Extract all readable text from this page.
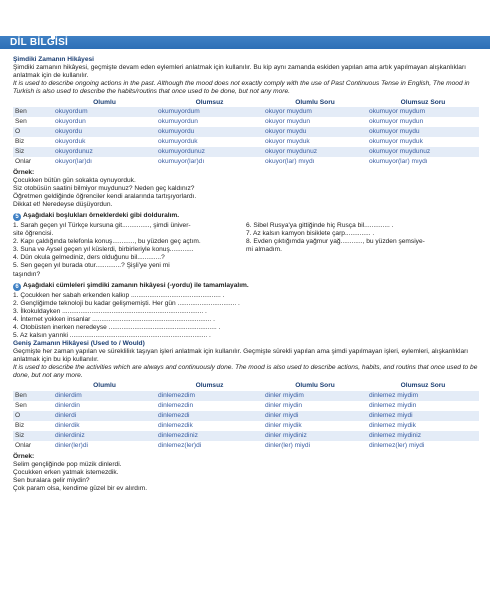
DİL BİLGİSİ

Şimdiki Zamanın Hikâyesi

Şimdiki zamanın hikâyesi, geçmişte devam eden eylemleri anlatmak için kullanılır. Bu kip aynı zamanda eskiden yapılan ama artık yapılmayan alışkanlıkları anlatmak için de kullanılır.

It is used to describe ongoing actions in the past. Although the mood does not exactly comply with the use of Past Continuous Tense in English, The mood in Turkish is also used to describe the habits/routins that once used to be done, but not any more.

	Olumlu	Olumsuz	Olumlu Soru	Olumsuz Soru
Ben	okuyordum	okumuyordum	okuyor muydum	okumuyor muydum
Sen	okuyordun	okumuyordun	okuyor muydun	okumuyor muydun
O	okuyordu	okumuyordu	okuyor muydu	okumuyor muydu
Biz	okuyorduk	okumuyorduk	okuyor muyduk	okumuyor muyduk
Siz	okuyordunuz	okumuyordunuz	okuyor muydunuz	okumuyor muydunuz
Onlar	okuyor(lar)dı	okumuyor(lar)dı	okuyor(lar) mıydı	okumuyor(lar) mıydı

Örnek:

Çocukken bütün gün sokakta oynuyorduk.

Siz otobüsün saatini bilmiyor muydunuz? Neden geç kaldınız?

Öğretmen geldiğinde öğrenciler kendi aralarında tartışıyorlardı.

Dikkat et! Neredeyse düşüyordun.

5 Aşağıdaki boşlukları örneklerdeki gibi dolduralım.

1. Sarah geçen yıl Türkçe kursuna git..............., şimdi üniver-

site öğrencisi.

2. Kapı çaldığında telefonla konuş............, bu yüzden geç açtım.

3. Suna ve Aysel geçen yıl küslerdi, birbirleriyle konuş.............

4. Dün okula gelmediniz, ders olduğunu bil.............?

5. Sen geçen yıl burada otur..............? Şişli'ye yeni mi

taşındın?

6. Sibel Rusya'ya gittiğinde hiç Rusça bil.............. .

7. Az kalsın kamyon bisiklete çarp.............. .

8. Evden çıktığımda yağmur yağ............, bu yüzden şemsiye-

mi almadım.

6 Aşağıdaki cümleleri şimdiki zamanın hikâyesi (-yordu) ile tamamlayalım.

1. Çocukken her sabah erkenden kalkıp ................................................. .

2. Gençliğimde teknoloji bu kadar gelişmemişti. Her gün ................................ .

3. İlkokuldayken ............................................................................. .

4. İnternet yokken insanlar ................................................................. .

4. Otobüsten inerken neredeyse ........................................................... .

5. Az kalsın yarınki ........................................................................... .

Geniş Zamanın Hikâyesi (Used to / Would)

Geçmişte her zaman yapılan ve sürekliliık taşıyan işleri anlatmak için kullanılır. Geçmişte sürekli yapılan ama şimdi yapılmayan işleri, eylemleri, alışkanlıkları anlatmak için bu kip kullanılır.

It is used to describe the activities which are always and continuously done. The mood is also used to describe actions, habits, and routins that once used to be done, but not any more.

	Olumlu	Olumsuz	Olumlu Soru	Olumsuz Soru
Ben	dinlerdim	dinlemezdim	dinler miydim	dinlemez miydim
Sen	dinlerdin	dinlemezdin	dinler miydin	dinlemez miydin
O	dinlerdi	dinlemezdi	dinler miydi	dinlemez miydi
Biz	dinlerdik	dinlemezdik	dinler miydik	dinlemez miydik
Siz	dinlerdiniz	dinlemezdiniz	dinler miydiniz	dinlemez miydiniz
Onlar	dinler(ler)di	dinlemez(ler)di	dinler(ler) miydi	dinlemez(ler) miydi

Örnek:

Selim gençliğinde pop müzik dinlerdi.

Çocukken erken yatmak istemezdik.

Sen buralara gelir miydin?

Çok param olsa, kendime güzel bir ev alırdım.
